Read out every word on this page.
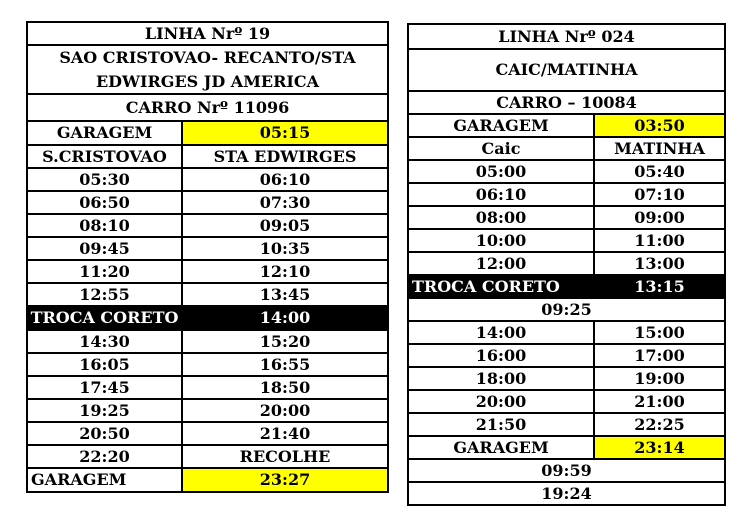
LINHA Nrº 19	
SAO CRISTOVAO- RECANTO/STA EDWIRGES JD AMERICA	
CARRO Nrº 11096	
GARAGEM	05:15
S.CRISTOVAO	STA EDWIRGES
05:30	06:10
06:50	07:30
08:10	09:05
09:45	10:35
11:20	12:10
12:55	13:45
TROCA CORETO	14:00
14:30	15:20
16:05	16:55
17:45	18:50
19:25	20:00
20:50	21:40
22:20	RECOLHE
GARAGEM	23:27
LINHA Nrº 024	
CAIC/MATINHA	
CARRO – 10084	
GARAGEM	03:50
Caic	MATINHA
05:00	05:40
06:10	07:10
08:00	09:00
10:00	11:00
12:00	13:00
TROCA CORETO	13:15
09:25	
14:00	15:00
16:00	17:00
18:00	19:00
20:00	21:00
21:50	22:25
GARAGEM	23:14
09:59	
19:24	
